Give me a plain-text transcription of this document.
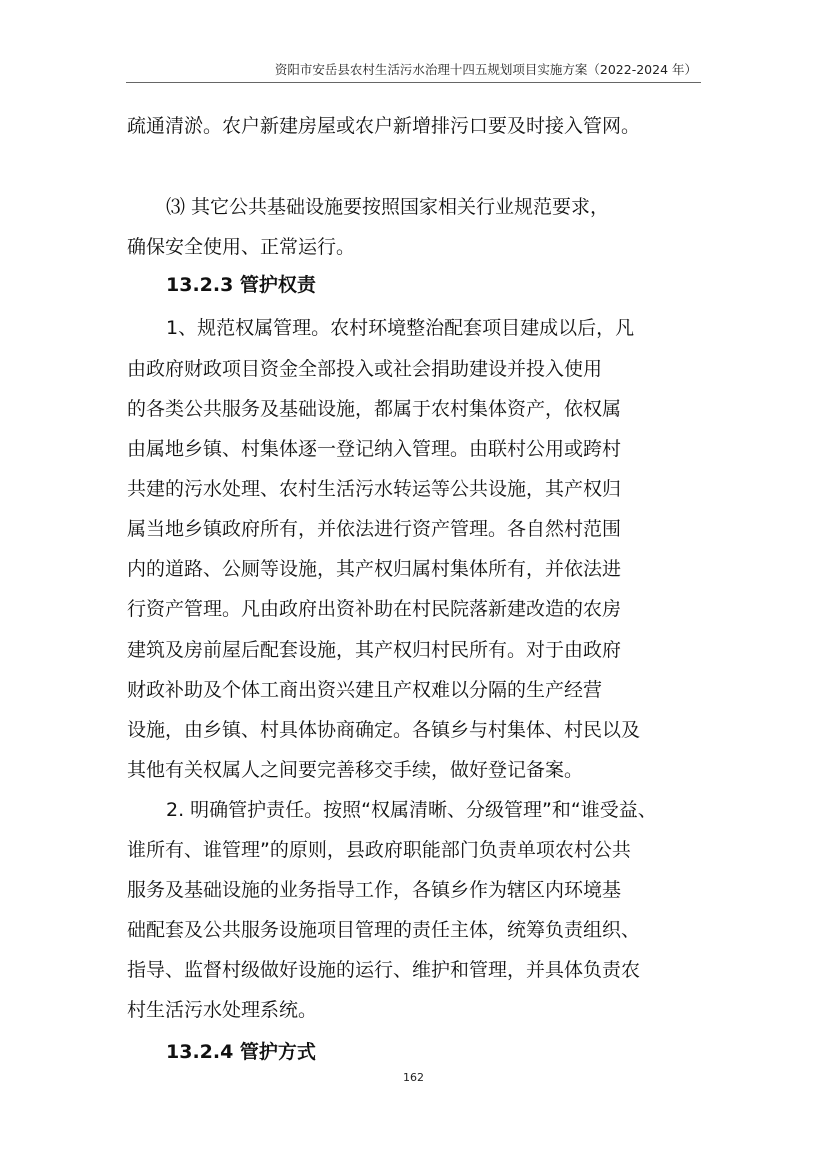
资阳市安岳县农村生活污水治理十四五规划项目实施方案（2022-2024 年）
疏通清淤。农户新建房屋或农户新增排污口要及时接入管网。
⑶ 其它公共基础设施要按照国家相关行业规范要求，
确保安全使用、正常运行。
13.2.3 管护权责
1、规范权属管理。农村环境整治配套项目建成以后，凡
由政府财政项目资金全部投入或社会捐助建设并投入使用
的各类公共服务及基础设施，都属于农村集体资产，依权属
由属地乡镇、村集体逐一登记纳入管理。由联村公用或跨村
共建的污水处理、农村生活污水转运等公共设施，其产权归
属当地乡镇政府所有，并依法进行资产管理。各自然村范围
内的道路、公厕等设施，其产权归属村集体所有，并依法进
行资产管理。凡由政府出资补助在村民院落新建改造的农房
建筑及房前屋后配套设施，其产权归村民所有。对于由政府
财政补助及个体工商出资兴建且产权难以分隔的生产经营
设施，由乡镇、村具体协商确定。各镇乡与村集体、村民以及
其他有关权属人之间要完善移交手续，做好登记备案。
2. 明确管护责任。按照“权属清晰、分级管理”和“谁受益、
谁所有、谁管理”的原则，县政府职能部门负责单项农村公共
服务及基础设施的业务指导工作，各镇乡作为辖区内环境基
础配套及公共服务设施项目管理的责任主体，统筹负责组织、
指导、监督村级做好设施的运行、维护和管理，并具体负责农
村生活污水处理系统。
13.2.4 管护方式
162
